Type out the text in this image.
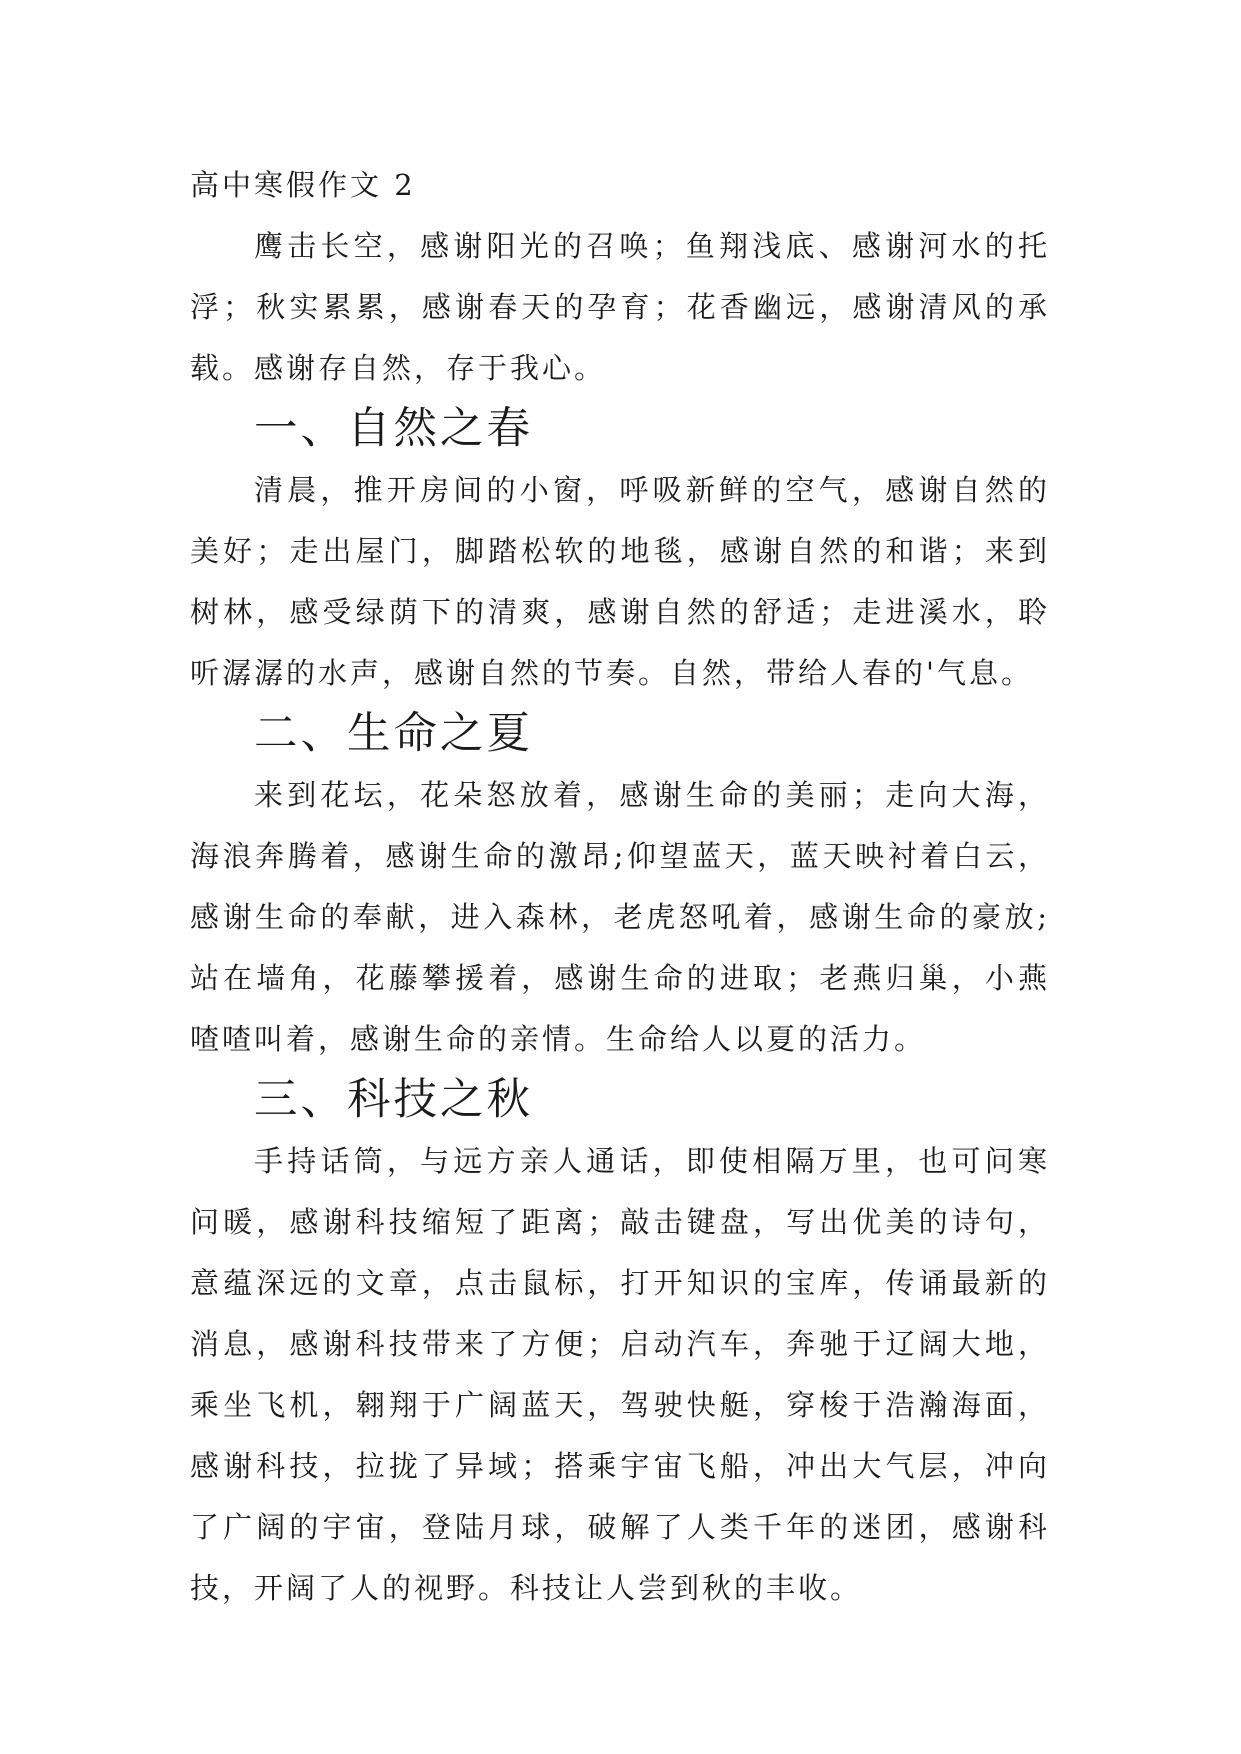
高中寒假作文 2

鹰击长空，感谢阳光的召唤；鱼翔浅底、感谢河水的托浮；秋实累累，感谢春天的孕育；花香幽远，感谢清风的承载。感谢存自然，存于我心。

一、自然之春

清晨，推开房间的小窗，呼吸新鲜的空气，感谢自然的美好；走出屋门，脚踏松软的地毯，感谢自然的和谐；来到树林，感受绿荫下的清爽，感谢自然的舒适；走进溪水，聆听潺潺的水声，感谢自然的节奏。自然，带给人春的'气息。

二、生命之夏

来到花坛，花朵怒放着，感谢生命的美丽；走向大海，海浪奔腾着，感谢生命的激昂;仰望蓝天，蓝天映衬着白云，感谢生命的奉献，进入森林，老虎怒吼着，感谢生命的豪放;站在墙角，花藤攀援着，感谢生命的进取；老燕归巢，小燕喳喳叫着，感谢生命的亲情。生命给人以夏的活力。

三、科技之秋

手持话筒，与远方亲人通话，即使相隔万里，也可问寒问暖，感谢科技缩短了距离；敲击键盘，写出优美的诗句，意蕴深远的文章，点击鼠标，打开知识的宝库，传诵最新的消息，感谢科技带来了方便；启动汽车，奔驰于辽阔大地，乘坐飞机，翱翔于广阔蓝天，驾驶快艇，穿梭于浩瀚海面，感谢科技，拉拢了异域；搭乘宇宙飞船，冲出大气层，冲向了广阔的宇宙，登陆月球，破解了人类千年的迷团，感谢科技，开阔了人的视野。科技让人尝到秋的丰收。
